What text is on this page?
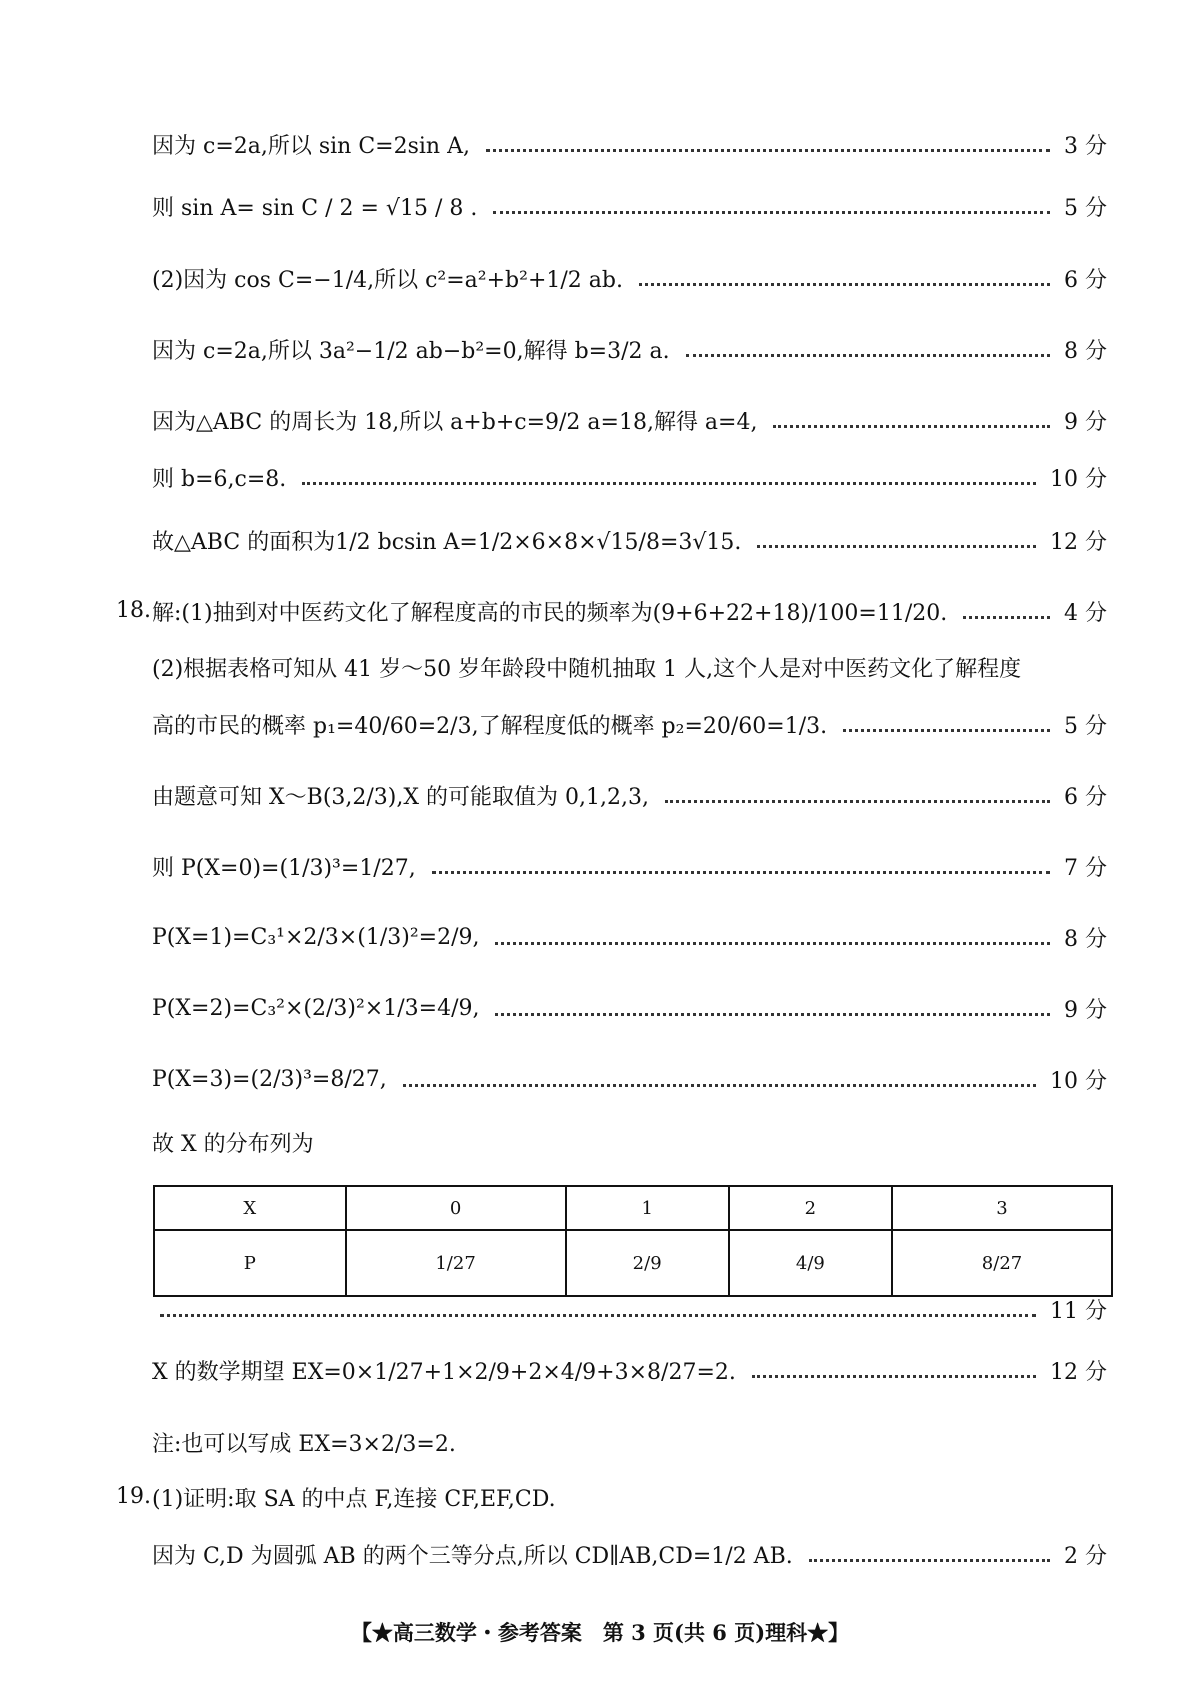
因为 c=2a,所以 sin C=2sin A,	3 分
则 sin A= sin C / 2 = √15 / 8 .	5 分
(2)因为 cos C=−1/4,所以 c²=a²+b²+1/2 ab.	6 分
因为 c=2a,所以 3a²−1/2 ab−b²=0,解得 b=3/2 a.	8 分
因为△ABC 的周长为 18,所以 a+b+c=9/2 a=18,解得 a=4,	9 分
则 b=6,c=8.	10 分
故△ABC 的面积为1/2 bcsin A=1/2×6×8×√15/8=3√15.	12 分
18. 解:(1)抽到对中医药文化了解程度高的市民的频率为(9+6+22+18)/100=11/20.	4 分
(2)根据表格可知从 41 岁～50 岁年龄段中随机抽取 1 人,这个人是对中医药文化了解程度
高的市民的概率 p₁=40/60=2/3,了解程度低的概率 p₂=20/60=1/3.	5 分
由题意可知 X～B(3,2/3),X 的可能取值为 0,1,2,3,	6 分
则 P(X=0)=(1/3)³=1/27,	7 分
P(X=1)=C₃¹×2/3×(1/3)²=2/9,	8 分
P(X=2)=C₃²×(2/3)²×1/3=4/9,	9 分
P(X=3)=(2/3)³=8/27,	10 分
故 X 的分布列为
X	0	1	2	3
P	1/27	2/9	4/9	8/27
11 分
X 的数学期望 EX=0×1/27+1×2/9+2×4/9+3×8/27=2.	12 分
注:也可以写成 EX=3×2/3=2.
19. (1)证明:取 SA 的中点 F,连接 CF,EF,CD.
因为 C,D 为圆弧 AB 的两个三等分点,所以 CD∥AB,CD=1/2 AB.	2 分
【★高三数学・参考答案　第 3 页(共 6 页)理科★】
